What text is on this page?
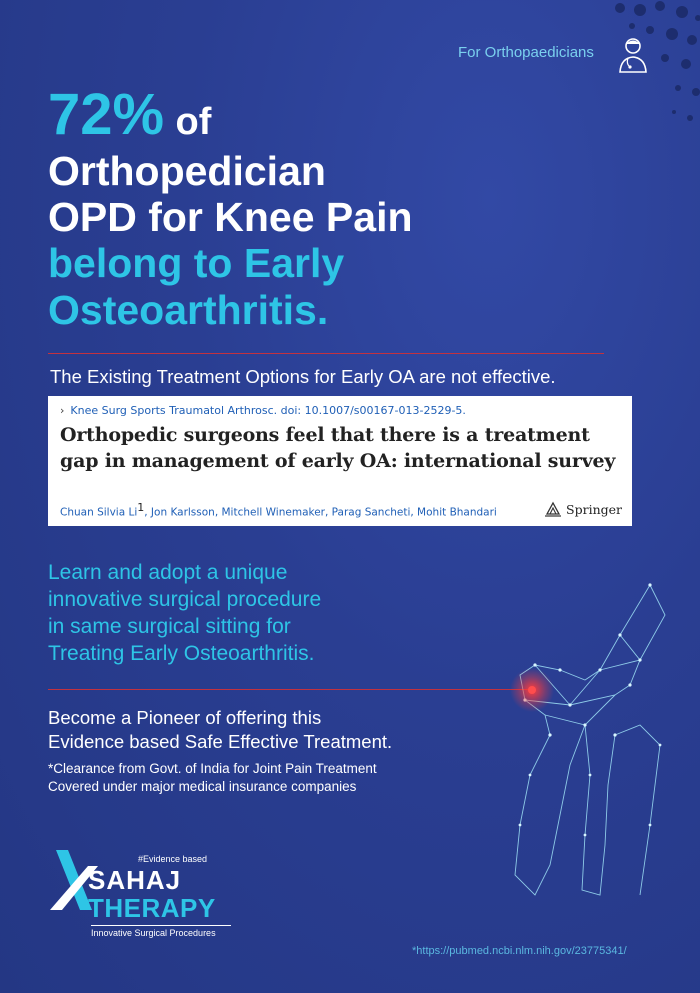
For Orthopaedicians
72% of
Orthopedician
OPD for Knee Pain
belong to Early
Osteoarthritis.
The Existing Treatment Options for Early OA are not effective.
› Knee Surg Sports Traumatol Arthrosc. doi: 10.1007/s00167-013-2529-5.
Orthopedic surgeons feel that there is a treatment
gap in management of early OA: international survey
Chuan Silvia Li$^1$, Jon Karlsson, Mitchell Winemaker, Parag Sancheti, Mohit Bhandari	Springer
Learn and adopt a unique
innovative surgical procedure
in same surgical sitting for
Treating Early Osteoarthritis.
Become a Pioneer of offering this
Evidence based Safe Effective Treatment.
*Clearance from Govt. of India for Joint Pain Treatment
Covered under major medical insurance companies
#Evidence based
SAHAJ
THERAPY
Innovative Surgical Procedures
*https://pubmed.ncbi.nlm.nih.gov/23775341/
